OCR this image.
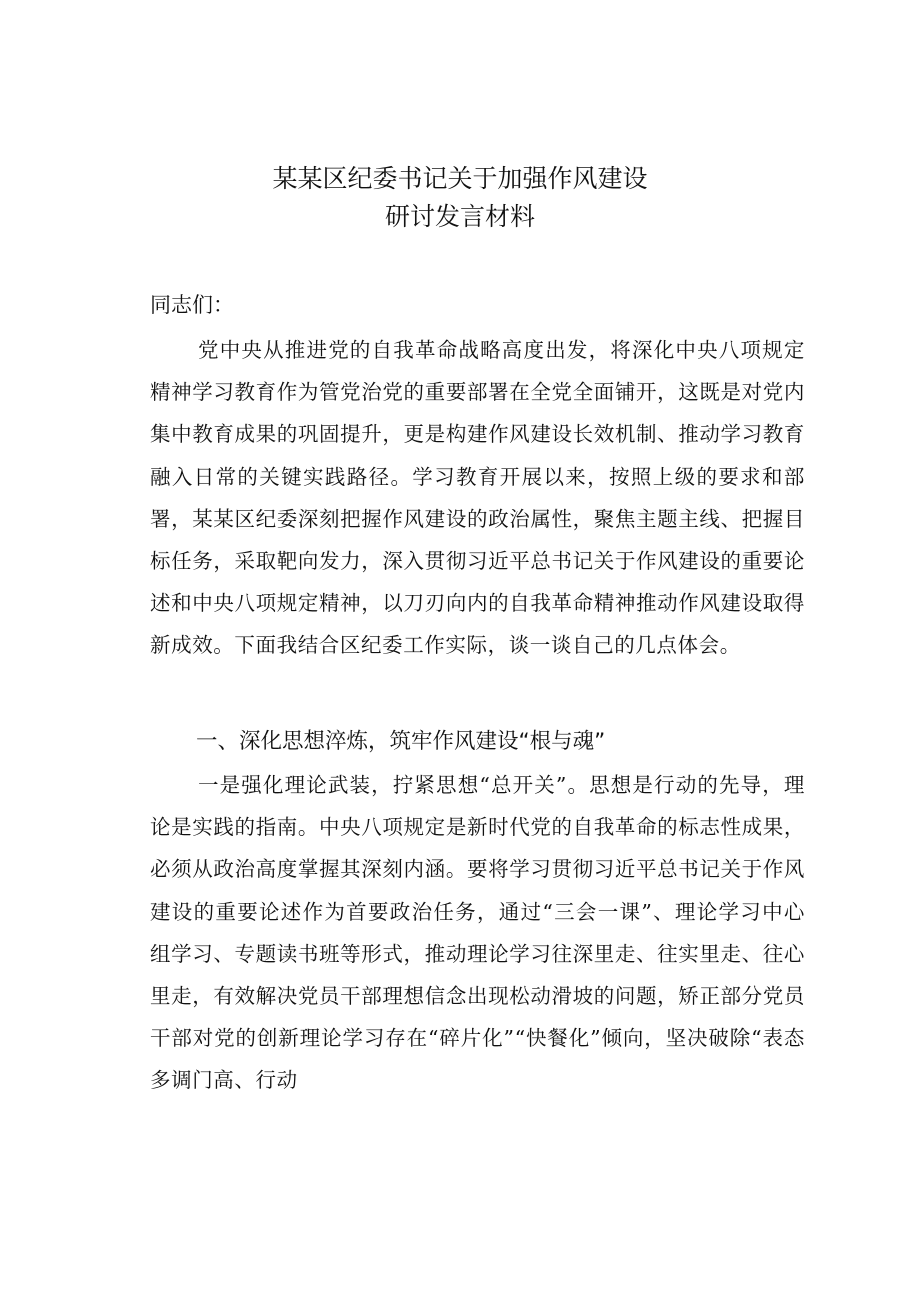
某某区纪委书记关于加强作风建设
研讨发言材料
同志们：
党中央从推进党的自我革命战略高度出发，将深化中央八项规定精神学习教育作为管党治党的重要部署在全党全面铺开，这既是对党内集中教育成果的巩固提升，更是构建作风建设长效机制、推动学习教育融入日常的关键实践路径。学习教育开展以来，按照上级的要求和部署，某某区纪委深刻把握作风建设的政治属性，聚焦主题主线、把握目标任务，采取靶向发力，深入贯彻习近平总书记关于作风建设的重要论述和中央八项规定精神，以刀刃向内的自我革命精神推动作风建设取得新成效。下面我结合区纪委工作实际，谈一谈自己的几点体会。
一、深化思想淬炼，筑牢作风建设“根与魂”
一是强化理论武装，拧紧思想“总开关”。思想是行动的先导，理论是实践的指南。中央八项规定是新时代党的自我革命的标志性成果，必须从政治高度掌握其深刻内涵。要将学习贯彻习近平总书记关于作风建设的重要论述作为首要政治任务，通过“三会一课”、理论学习中心组学习、专题读书班等形式，推动理论学习往深里走、往实里走、往心里走，有效解决党员干部理想信念出现松动滑坡的问题，矫正部分党员干部对党的创新理论学习存在“碎片化”“快餐化”倾向，坚决破除“表态多调门高、行动
